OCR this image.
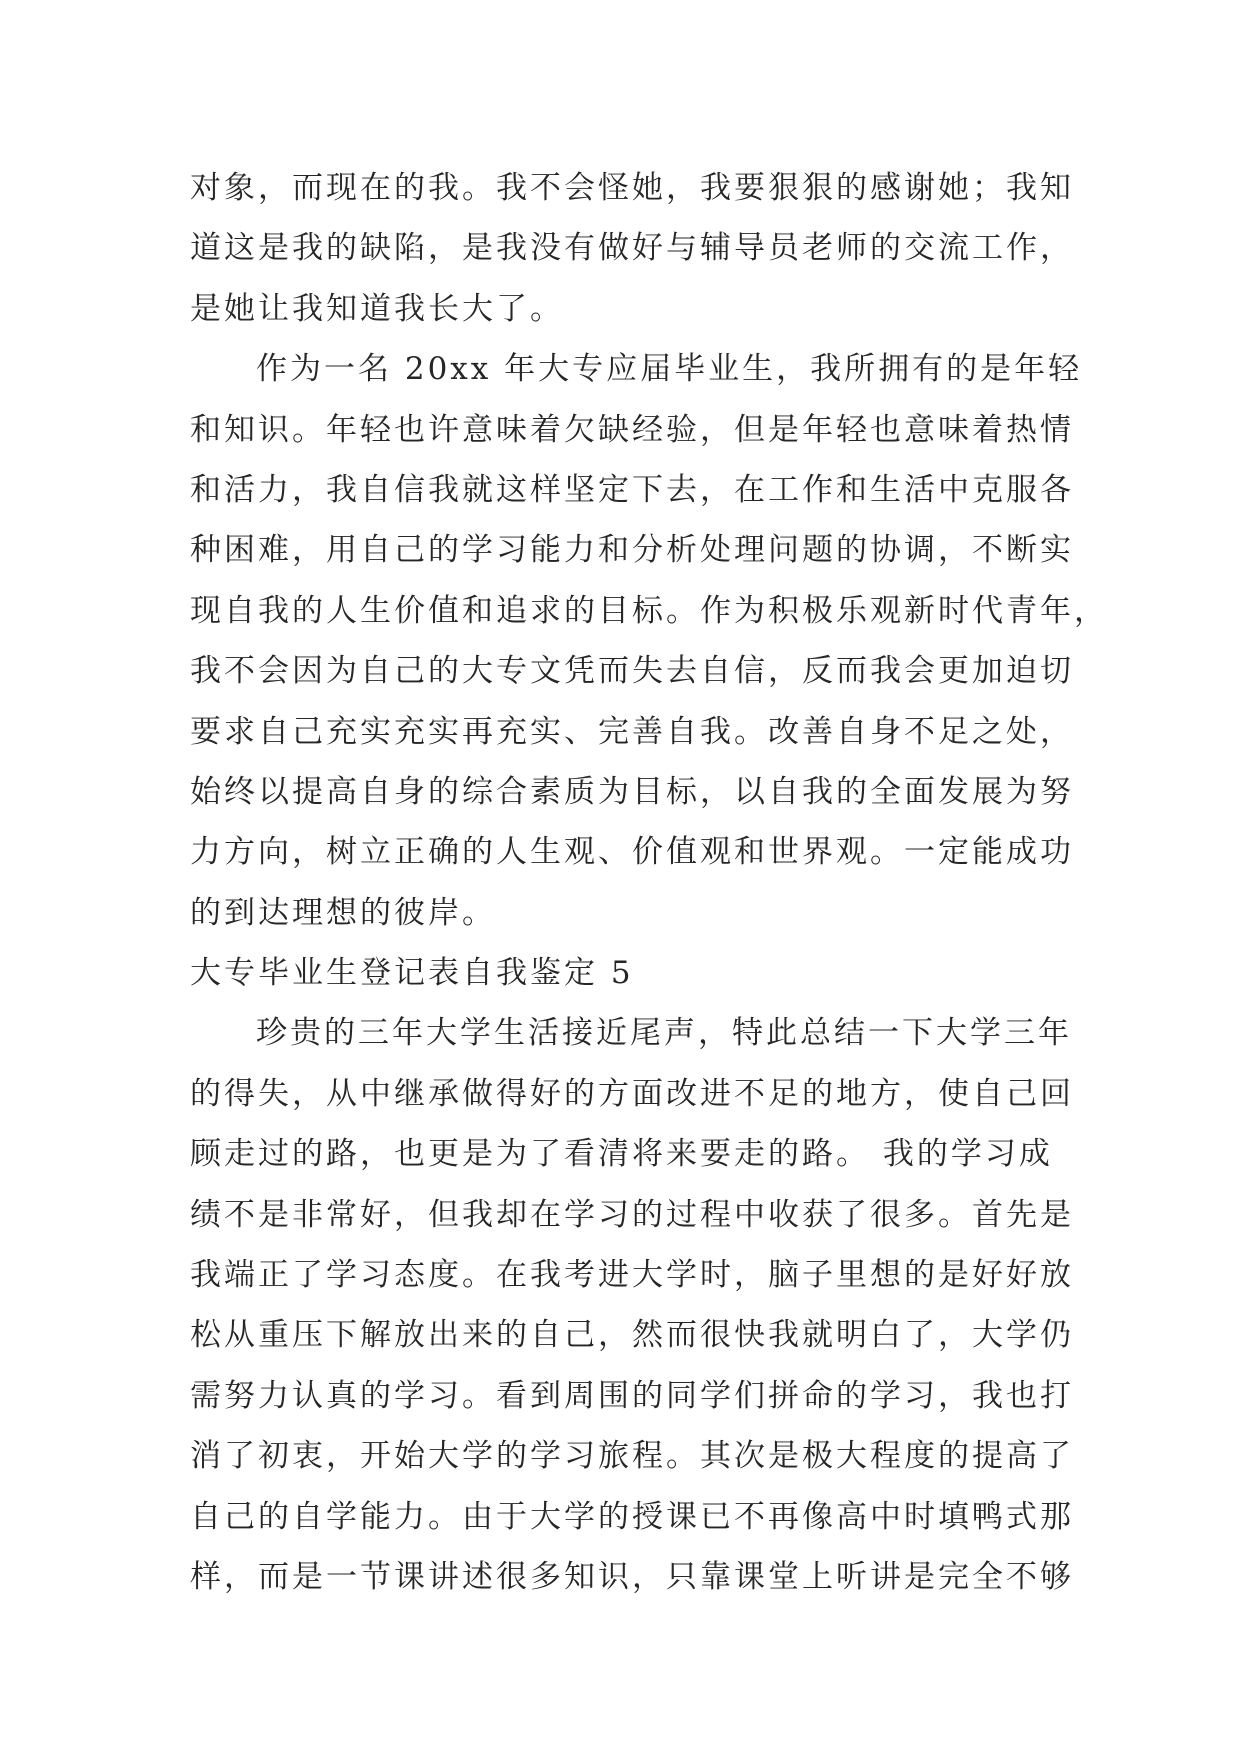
对象，而现在的我。我不会怪她，我要狠狠的感谢她；我知
道这是我的缺陷，是我没有做好与辅导员老师的交流工作，
是她让我知道我长大了。
作为一名 20xx 年大专应届毕业生，我所拥有的是年轻
和知识。年轻也许意味着欠缺经验，但是年轻也意味着热情
和活力，我自信我就这样坚定下去，在工作和生活中克服各
种困难，用自己的学习能力和分析处理问题的协调，不断实
现自我的人生价值和追求的目标。作为积极乐观新时代青年，
我不会因为自己的大专文凭而失去自信，反而我会更加迫切
要求自己充实充实再充实、完善自我。改善自身不足之处，
始终以提高自身的综合素质为目标，以自我的全面发展为努
力方向，树立正确的人生观、价值观和世界观。一定能成功
的到达理想的彼岸。
大专毕业生登记表自我鉴定 5
珍贵的三年大学生活接近尾声，特此总结一下大学三年
的得失，从中继承做得好的方面改进不足的地方，使自己回
顾走过的路，也更是为了看清将来要走的路。 我的学习成
绩不是非常好，但我却在学习的过程中收获了很多。首先是
我端正了学习态度。在我考进大学时，脑子里想的是好好放
松从重压下解放出来的自己，然而很快我就明白了，大学仍
需努力认真的学习。看到周围的同学们拼命的学习，我也打
消了初衷，开始大学的学习旅程。其次是极大程度的提高了
自己的自学能力。由于大学的授课已不再像高中时填鸭式那
样，而是一节课讲述很多知识，只靠课堂上听讲是完全不够
